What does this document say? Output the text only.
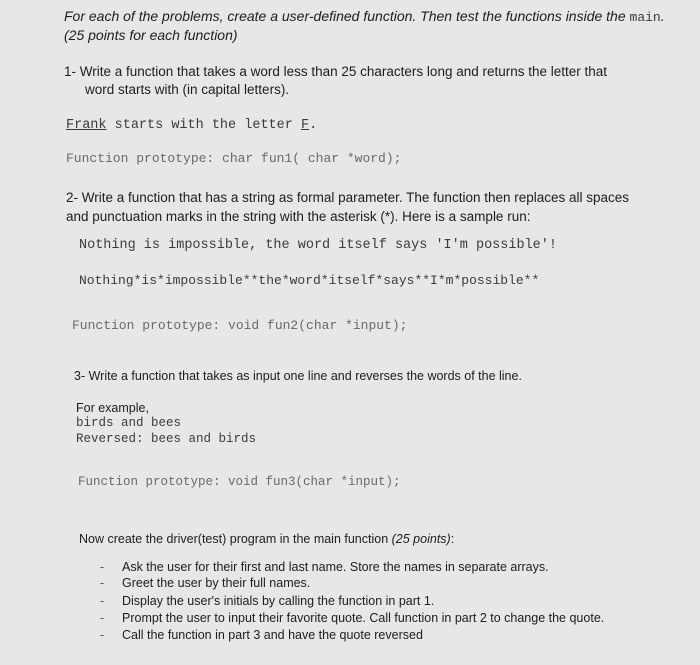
For each of the problems, create a user-defined function. Then test the functions inside the main.
(25 points for each function)
1- Write a function that takes a word less than 25 characters long and returns the letter that
word starts with (in capital letters).
Frank starts with the letter F.
Function prototype: char fun1( char *word);
2- Write a function that has a string as formal parameter. The function then replaces all spaces
and punctuation marks in the string with the asterisk (*). Here is a sample run:
Nothing is impossible, the word itself says 'I'm possible'!
Nothing*is*impossible**the*word*itself*says**I*m*possible**
Function prototype: void fun2(char *input);
3- Write a function that takes as input one line and reverses the words of the line.
For example,
birds and bees
Reversed: bees and birds
Function prototype: void fun3(char *input);
Now create the driver(test) program in the main function (25 points):
- Ask the user for their first and last name. Store the names in separate arrays.
- Greet the user by their full names.
- Display the user's initials by calling the function in part 1.
- Prompt the user to input their favorite quote. Call function in part 2 to change the quote.
- Call the function in part 3 and have the quote reversed
